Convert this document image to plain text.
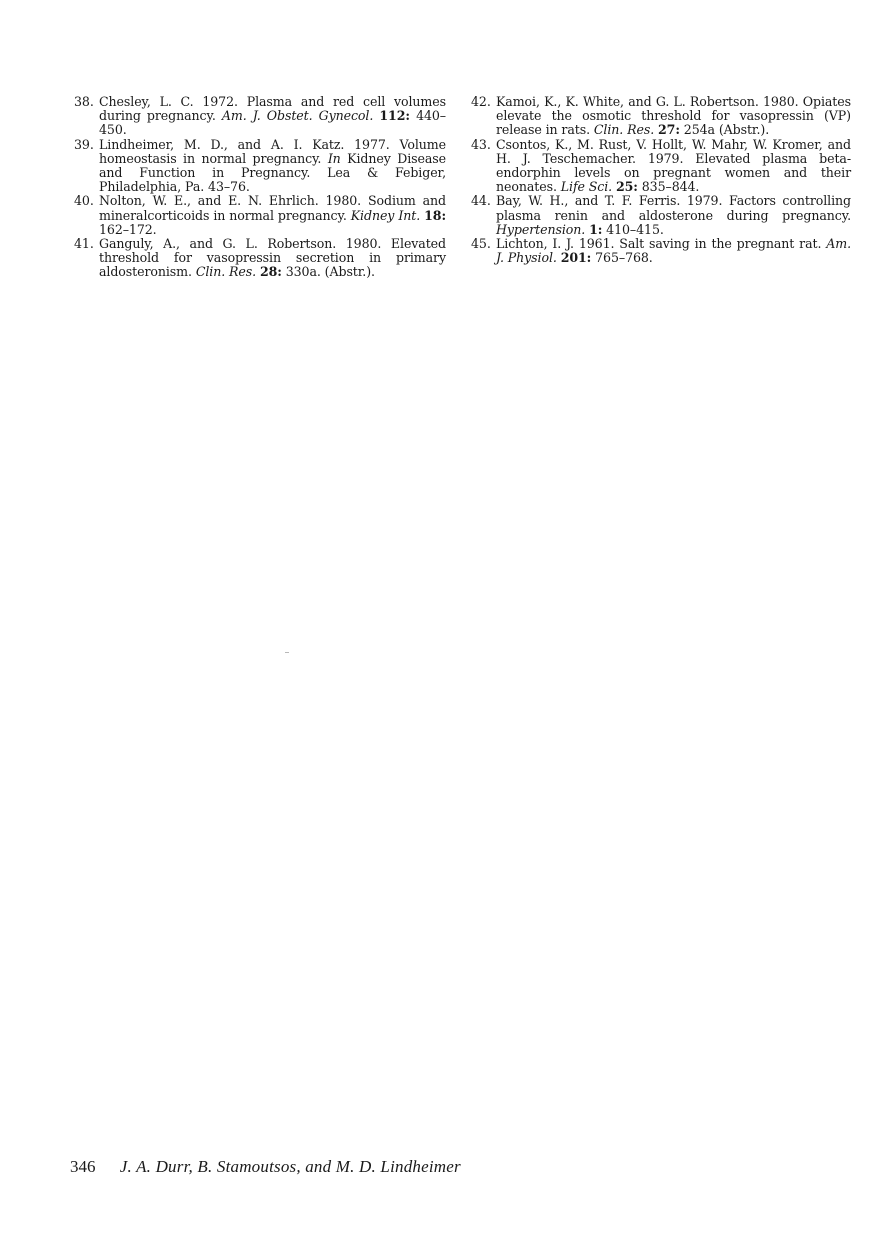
38. Chesley, L. C. 1972. Plasma and red cell volumes during pregnancy. Am. J. Obstet. Gynecol. 112: 440–450.
39. Lindheimer, M. D., and A. I. Katz. 1977. Volume homeostasis in normal pregnancy. In Kidney Disease and Function in Pregnancy. Lea & Febiger, Philadelphia, Pa. 43–76.
40. Nolton, W. E., and E. N. Ehrlich. 1980. Sodium and mineralcorticoids in normal pregnancy. Kidney Int. 18: 162–172.
41. Ganguly, A., and G. L. Robertson. 1980. Elevated threshold for vasopressin secretion in primary aldosteronism. Clin. Res. 28: 330a. (Abstr.).
42. Kamoi, K., K. White, and G. L. Robertson. 1980. Opiates elevate the osmotic threshold for vasopressin (VP) release in rats. Clin. Res. 27: 254a (Abstr.).
43. Csontos, K., M. Rust, V. Hollt, W. Mahr, W. Kromer, and H. J. Teschemacher. 1979. Elevated plasma beta-endorphin levels on pregnant women and their neonates. Life Sci. 25: 835–844.
44. Bay, W. H., and T. F. Ferris. 1979. Factors controlling plasma renin and aldosterone during pregnancy. Hypertension. 1: 410–415.
45. Lichton, I. J. 1961. Salt saving in the pregnant rat. Am. J. Physiol. 201: 765–768.
346 J. A. Durr, B. Stamoutsos, and M. D. Lindheimer
